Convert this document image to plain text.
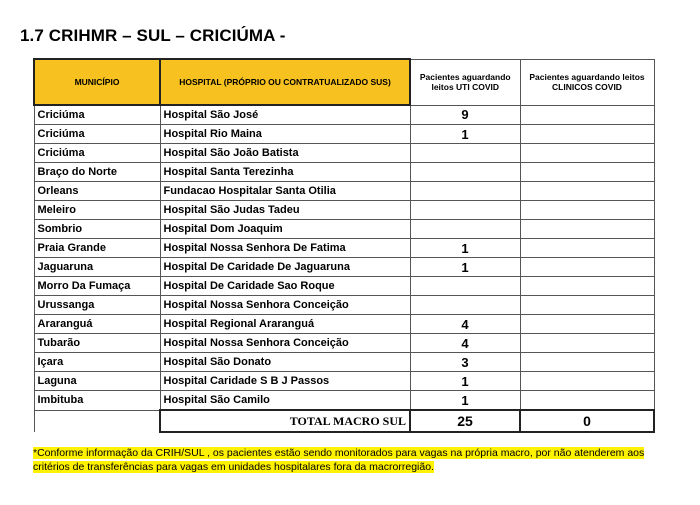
1.7 CRIHMR – SUL – CRICIÚMA -
MUNICÍPIO	HOSPITAL (PRÓPRIO OU CONTRATUALIZADO SUS)	Pacientes aguardando leitos UTI COVID	Pacientes aguardando leitos CLINICOS COVID
Criciúma	Hospital São José	9	
Criciúma	Hospital Rio Maina	1	
Criciúma	Hospital São João Batista		
Braço do Norte	Hospital Santa Terezinha		
Orleans	Fundacao Hospitalar Santa Otilia		
Meleiro	Hospital São Judas Tadeu		
Sombrio	Hospital Dom Joaquim		
Praia Grande	Hospital Nossa Senhora De Fatima	1	
Jaguaruna	Hospital De Caridade De Jaguaruna	1	
Morro Da Fumaça	Hospital De Caridade Sao Roque		
Urussanga	Hospital Nossa Senhora Conceição		
Araranguá	Hospital Regional Araranguá	4	
Tubarão	Hospital Nossa Senhora Conceição	4	
Içara	Hospital São Donato	3	
Laguna	Hospital Caridade S B J Passos	1	
Imbituba	Hospital São Camilo	1	
	TOTAL MACRO SUL	25	0
*Conforme informação da CRIH/SUL , os pacientes estão sendo monitorados para vagas na própria macro, por não atenderem aos critérios de transferências para vagas em unidades hospitalares fora da macrorregião.
